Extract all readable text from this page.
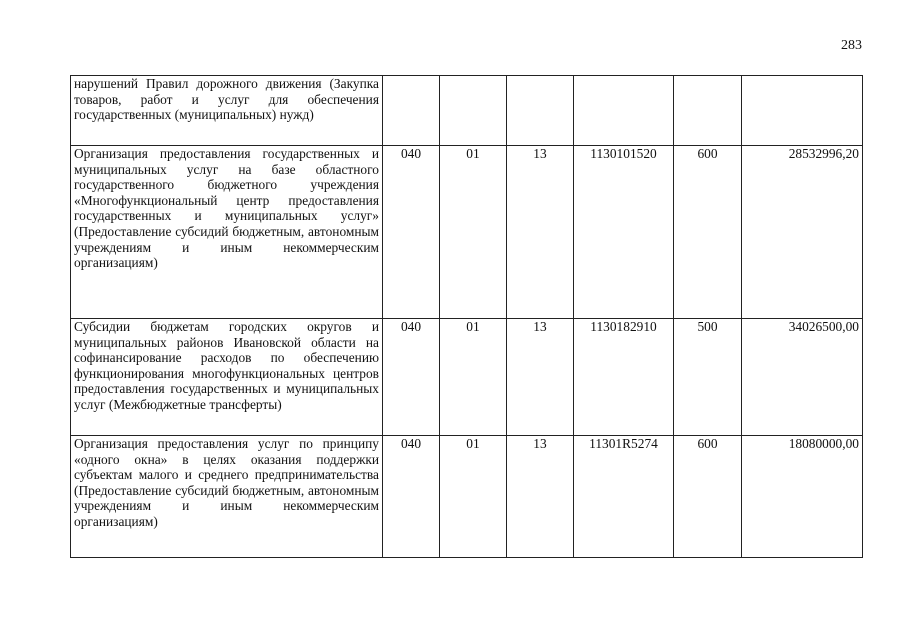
283
нарушений Правил дорожного движения (Закупка товаров, работ и услуг для обеспечения государственных (муниципальных) нужд)						
Организация предоставления государственных и муниципальных услуг на базе областного государственного бюджетного учреждения «Многофункциональный центр предоставления государственных и муниципальных услуг» (Предоставление субсидий бюджетным, автономным учреждениям и иным некоммерческим организациям)	040	01	13	1130101520	600	28532996,20
Субсидии бюджетам городских округов и муниципальных районов Ивановской области на софинансирование расходов по обеспечению функционирования многофункциональных центров предоставления государственных и муниципальных услуг (Межбюджетные трансферты)	040	01	13	1130182910	500	34026500,00
Организация предоставления услуг по принципу «одного окна» в целях оказания поддержки субъектам малого и среднего предпринимательства (Предоставление субсидий бюджетным, автономным учреждениям и иным некоммерческим организациям)	040	01	13	11301R5274	600	18080000,00
